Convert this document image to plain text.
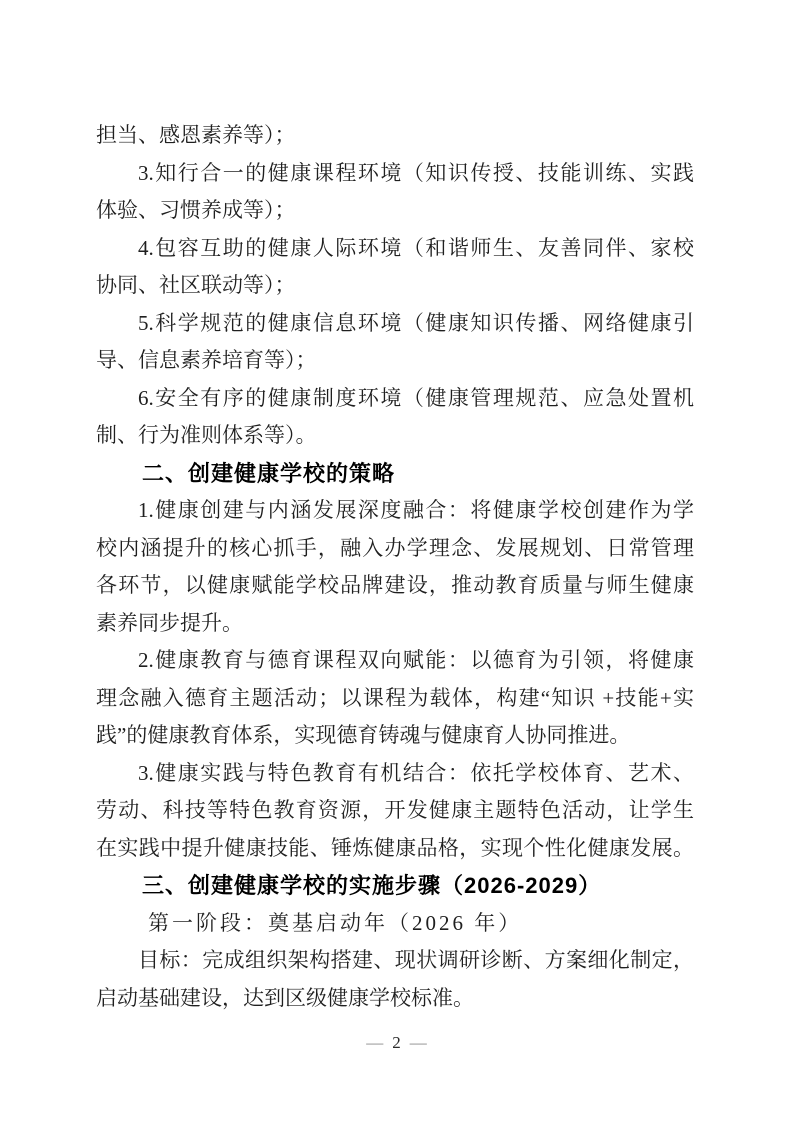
担当、感恩素养等）；
3.知行合一的健康课程环境（知识传授、技能训练、实践
体验、习惯养成等）；
4.包容互助的健康人际环境（和谐师生、友善同伴、家校
协同、社区联动等）；
5.科学规范的健康信息环境（健康知识传播、网络健康引
导、信息素养培育等）；
6.安全有序的健康制度环境（健康管理规范、应急处置机
制、行为准则体系等）。
二、创建健康学校的策略
1.健康创建与内涵发展深度融合：将健康学校创建作为学
校内涵提升的核心抓手，融入办学理念、发展规划、日常管理
各环节，以健康赋能学校品牌建设，推动教育质量与师生健康
素养同步提升。
2.健康教育与德育课程双向赋能：以德育为引领，将健康
理念融入德育主题活动；以课程为载体，构建“知识 +技能+实
践”的健康教育体系，实现德育铸魂与健康育人协同推进。
3.健康实践与特色教育有机结合：依托学校体育、艺术、
劳动、科技等特色教育资源，开发健康主题特色活动，让学生
在实践中提升健康技能、锤炼健康品格，实现个性化健康发展。
三、创建健康学校的实施步骤（2026-2029）
第一阶段：奠基启动年（2026 年）
目标：完成组织架构搭建、现状调研诊断、方案细化制定，
启动基础建设，达到区级健康学校标准。
— 2 —
